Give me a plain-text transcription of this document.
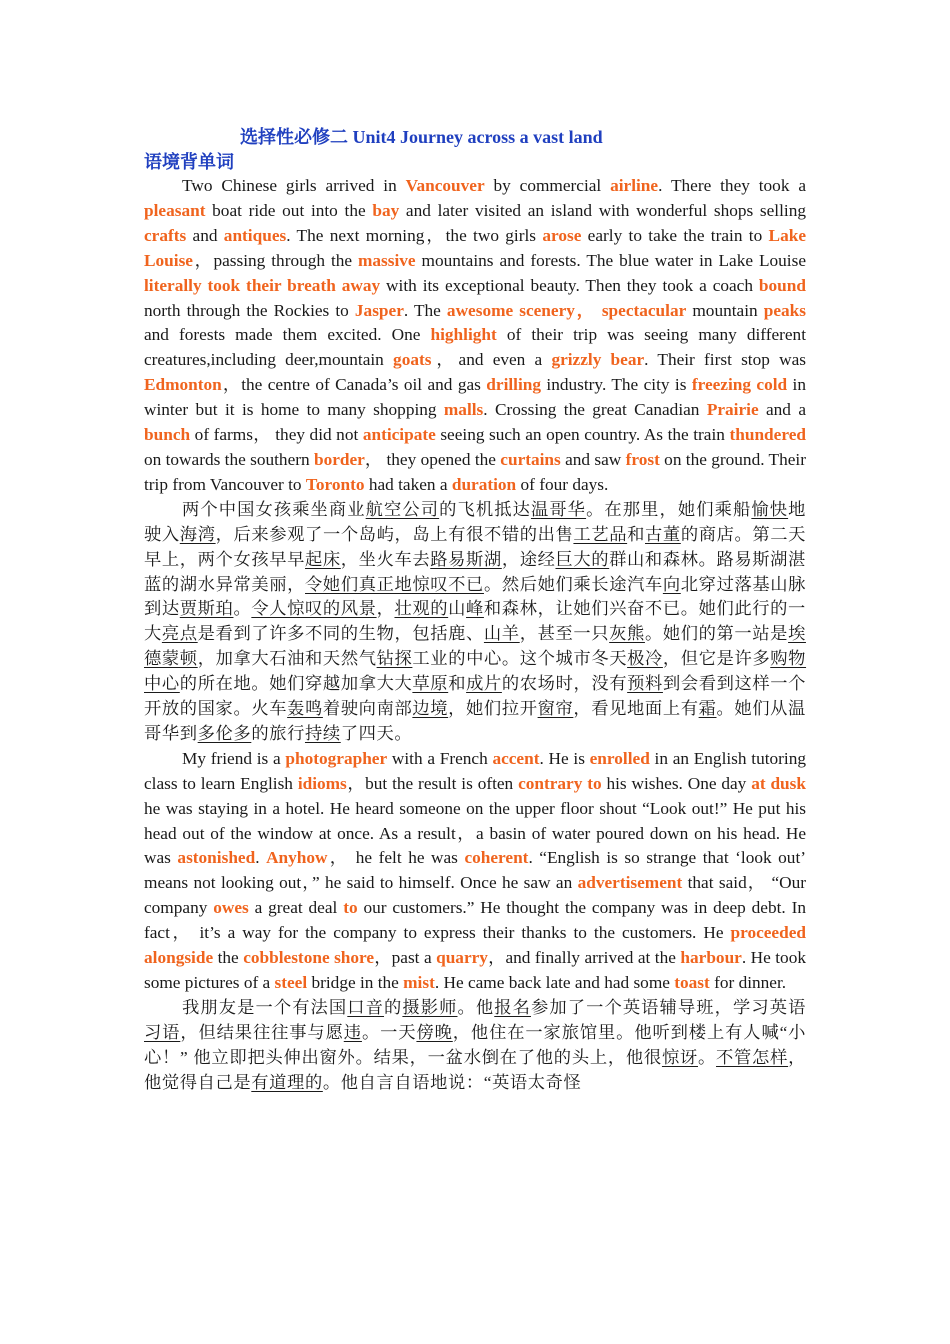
选择性必修二 Unit4 Journey across a vast land
语境背单词

Two Chinese girls arrived in Vancouver by commercial airline. There they took a pleasant boat ride out into the bay and later visited an island with wonderful shops selling crafts and antiques. The next morning，the two girls arose early to take the train to Lake Louise，passing through the massive mountains and forests. The blue water in Lake Louise literally took their breath away with its exceptional beauty. Then they took a coach bound north through the Rockies to Jasper. The awesome scenery， spectacular mountain peaks and forests made them excited. One highlight of their trip was seeing many different creatures,including deer,mountain goats，and even a grizzly bear. Their first stop was Edmonton，the centre of Canada’s oil and gas drilling industry. The city is freezing cold in winter but it is home to many shopping malls. Crossing the great Canadian Prairie and a bunch of farms， they did not anticipate seeing such an open country. As the train thundered on towards the southern border， they opened the curtains and saw frost on the ground. Their trip from Vancouver to Toronto had taken a duration of four days.

两个中国女孩乘坐商业航空公司的飞机抵达温哥华。在那里，她们乘船愉快地驶入海湾，后来参观了一个岛屿，岛上有很不错的出售工艺品和古董的商店。第二天早上，两个女孩早早起床，坐火车去路易斯湖，途经巨大的群山和森林。路易斯湖湛蓝的湖水异常美丽，令她们真正地惊叹不已。然后她们乘长途汽车向北穿过落基山脉到达贾斯珀。令人惊叹的风景，壮观的山峰和森林，让她们兴奋不已。她们此行的一大亮点是看到了许多不同的生物，包括鹿、山羊，甚至一只灰熊。她们的第一站是埃德蒙顿，加拿大石油和天然气钻探工业的中心。这个城市冬天极冷，但它是许多购物中心的所在地。她们穿越加拿大大草原和成片的农场时，没有预料到会看到这样一个开放的国家。火车轰鸣着驶向南部边境，她们拉开窗帘，看见地面上有霜。她们从温哥华到多伦多的旅行持续了四天。

My friend is a photographer with a French accent. He is enrolled in an English tutoring class to learn English idioms，but the result is often contrary to his wishes. One day at dusk he was staying in a hotel. He heard someone on the upper floor shout “Look out!” He put his head out of the window at once. As a result，a basin of water poured down on his head. He was astonished. Anyhow， he felt he was coherent. “English is so strange that ‘look out’ means not looking out，” he said to himself. Once he saw an advertisement that said， “Our company owes a great deal to our customers.” He thought the company was in deep debt. In fact， it’s a way for the company to express their thanks to the customers. He proceeded alongside the cobblestone shore，past a quarry，and finally arrived at the harbour. He took some pictures of a steel bridge in the mist. He came back late and had some toast for dinner.

我朋友是一个有法国口音的摄影师。他报名参加了一个英语辅导班，学习英语习语，但结果往往事与愿违。一天傍晚，他住在一家旅馆里。他听到楼上有人喊“小心！” 他立即把头伸出窗外。结果，一盆水倒在了他的头上，他很惊讶。不管怎样，他觉得自己是有道理的。他自言自语地说：“英语太奇怪
